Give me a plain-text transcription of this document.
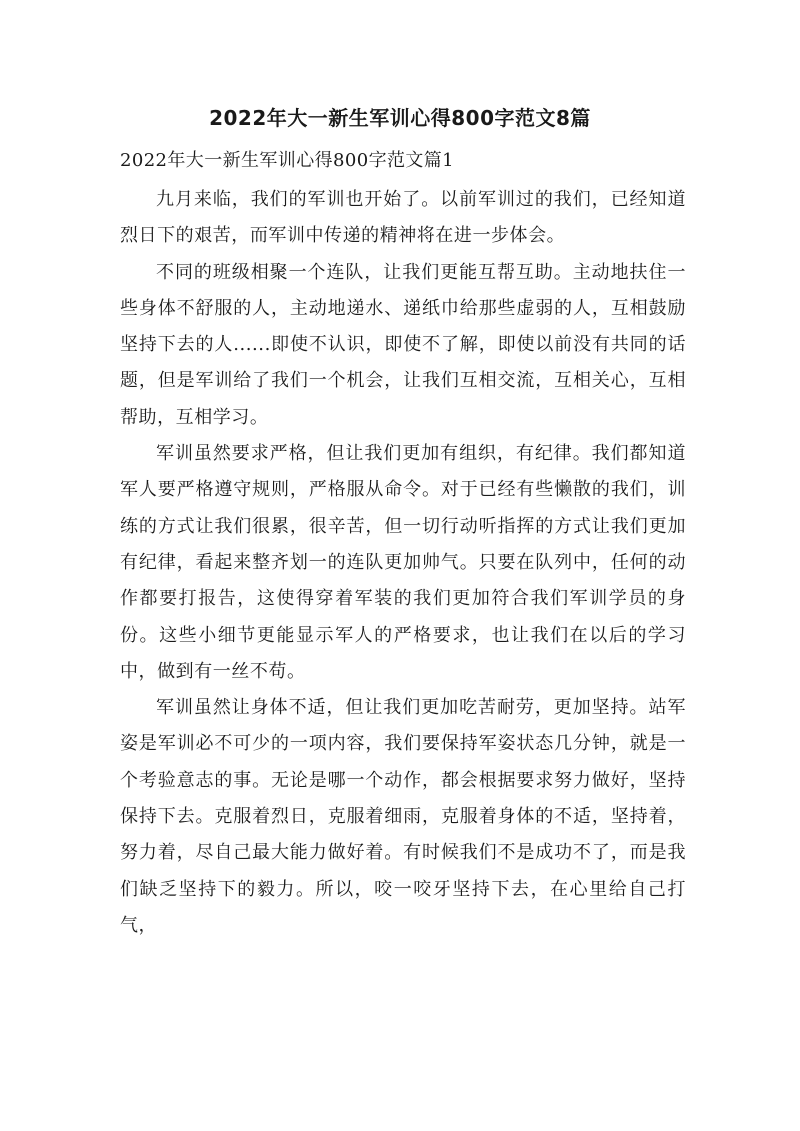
2022年大一新生军训心得800字范文8篇
2022年大一新生军训心得800字范文篇1

九月来临，我们的军训也开始了。以前军训过的我们，已经知道烈日下的艰苦，而军训中传递的精神将在进一步体会。

不同的班级相聚一个连队，让我们更能互帮互助。主动地扶住一些身体不舒服的人，主动地递水、递纸巾给那些虚弱的人，互相鼓励坚持下去的人......即使不认识，即使不了解，即使以前没有共同的话题，但是军训给了我们一个机会，让我们互相交流，互相关心，互相帮助，互相学习。

军训虽然要求严格，但让我们更加有组织，有纪律。我们都知道军人要严格遵守规则，严格服从命令。对于已经有些懒散的我们，训练的方式让我们很累，很辛苦，但一切行动听指挥的方式让我们更加有纪律，看起来整齐划一的连队更加帅气。只要在队列中，任何的动作都要打报告，这使得穿着军装的我们更加符合我们军训学员的身份。这些小细节更能显示军人的严格要求，也让我们在以后的学习中，做到有一丝不苟。

军训虽然让身体不适，但让我们更加吃苦耐劳，更加坚持。站军姿是军训必不可少的一项内容，我们要保持军姿状态几分钟，就是一个考验意志的事。无论是哪一个动作，都会根据要求努力做好，坚持保持下去。克服着烈日，克服着细雨，克服着身体的不适，坚持着，努力着，尽自己最大能力做好着。有时候我们不是成功不了，而是我们缺乏坚持下的毅力。所以，咬一咬牙坚持下去，在心里给自己打气，
